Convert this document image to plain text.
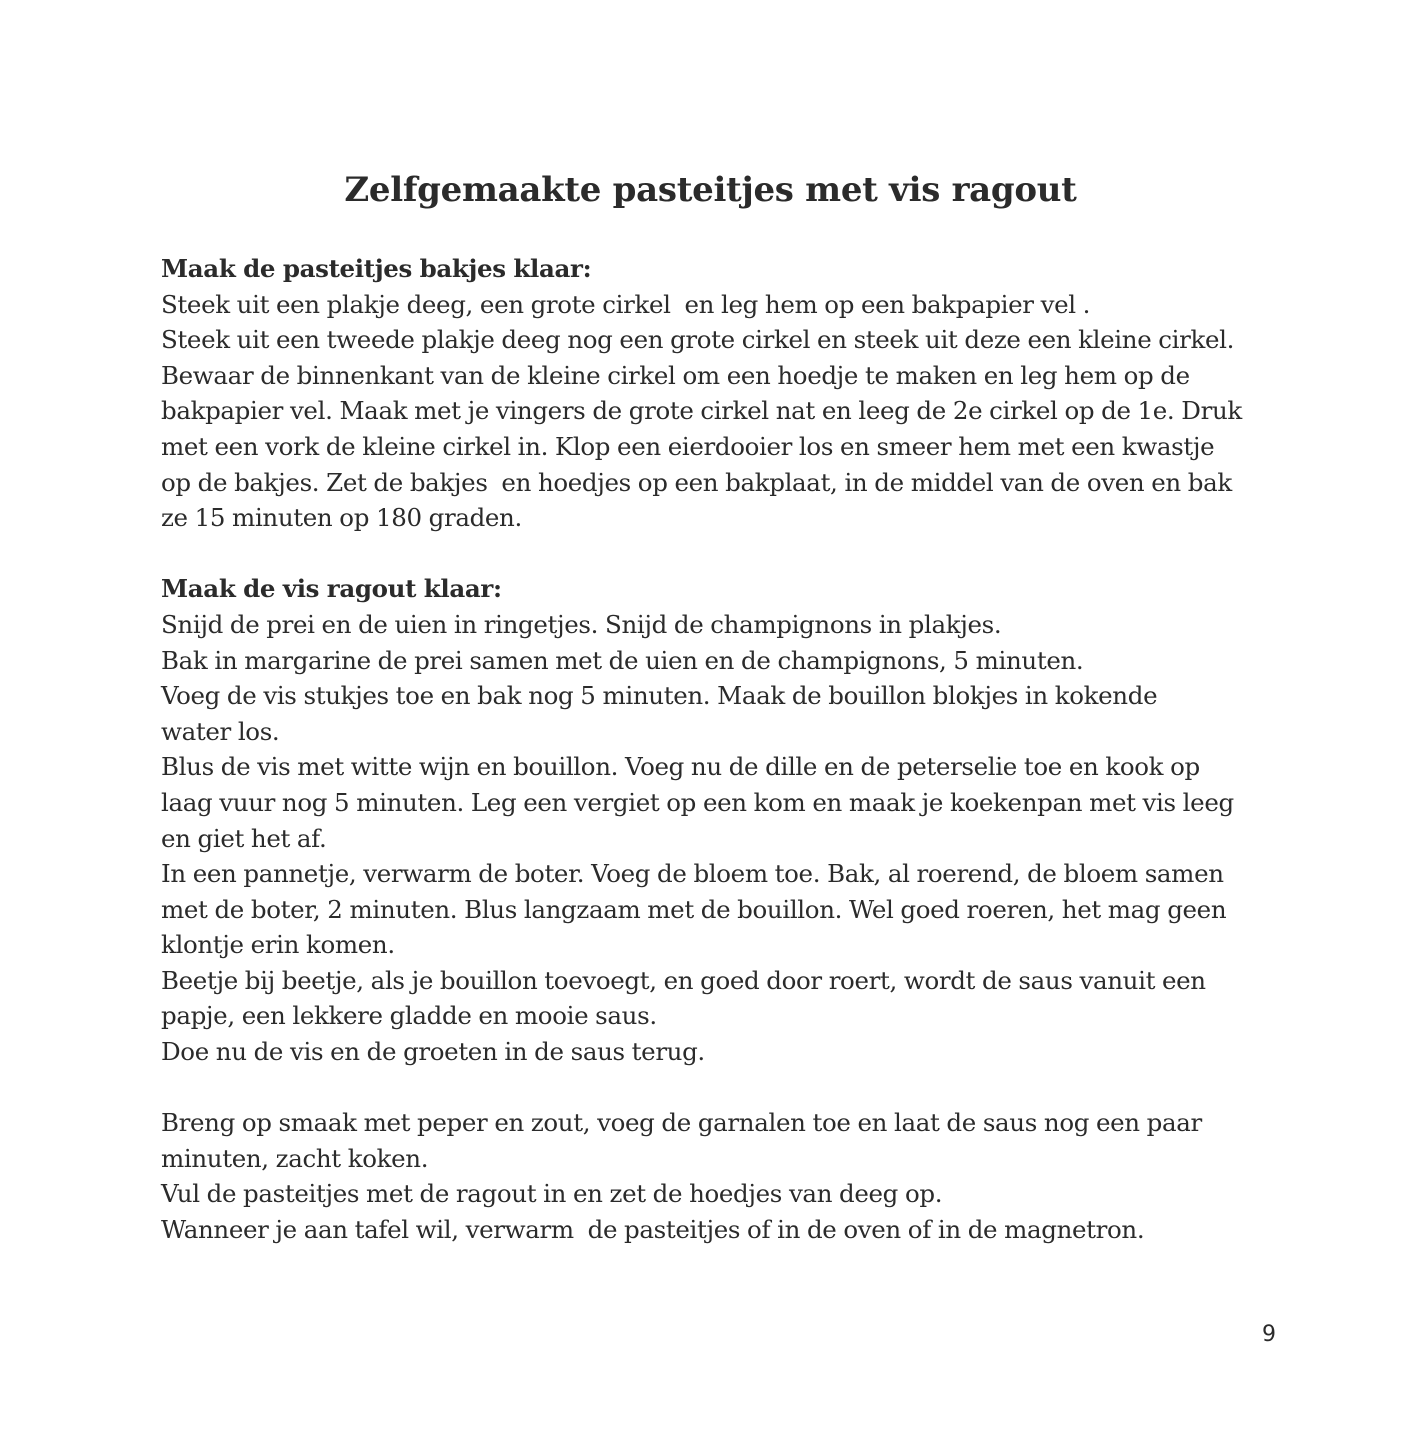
Zelfgemaakte pasteitjes met vis ragout
Maak de pasteitjes bakjes klaar:
Steek uit een plakje deeg, een grote cirkel  en leg hem op een bakpapier vel .
Steek uit een tweede plakje deeg nog een grote cirkel en steek uit deze een kleine cirkel.
Bewaar de binnenkant van de kleine cirkel om een hoedje te maken en leg hem op de
bakpapier vel. Maak met je vingers de grote cirkel nat en leeg de 2e cirkel op de 1e. Druk
met een vork de kleine cirkel in. Klop een eierdooier los en smeer hem met een kwastje
op de bakjes. Zet de bakjes  en hoedjes op een bakplaat, in de middel van de oven en bak
ze 15 minuten op 180 graden.
Maak de vis ragout klaar:
Snijd de prei en de uien in ringetjes. Snijd de champignons in plakjes.
Bak in margarine de prei samen met de uien en de champignons, 5 minuten.
Voeg de vis stukjes toe en bak nog 5 minuten. Maak de bouillon blokjes in kokende
water los.
Blus de vis met witte wijn en bouillon. Voeg nu de dille en de peterselie toe en kook op
laag vuur nog 5 minuten. Leg een vergiet op een kom en maak je koekenpan met vis leeg
en giet het af.
In een pannetje, verwarm de boter. Voeg de bloem toe. Bak, al roerend, de bloem samen
met de boter, 2 minuten. Blus langzaam met de bouillon. Wel goed roeren, het mag geen
klontje erin komen.
Beetje bij beetje, als je bouillon toevoegt, en goed door roert, wordt de saus vanuit een
papje, een lekkere gladde en mooie saus.
Doe nu de vis en de groeten in de saus terug.
Breng op smaak met peper en zout, voeg de garnalen toe en laat de saus nog een paar
minuten, zacht koken.
Vul de pasteitjes met de ragout in en zet de hoedjes van deeg op.
Wanneer je aan tafel wil, verwarm  de pasteitjes of in de oven of in de magnetron.
9
